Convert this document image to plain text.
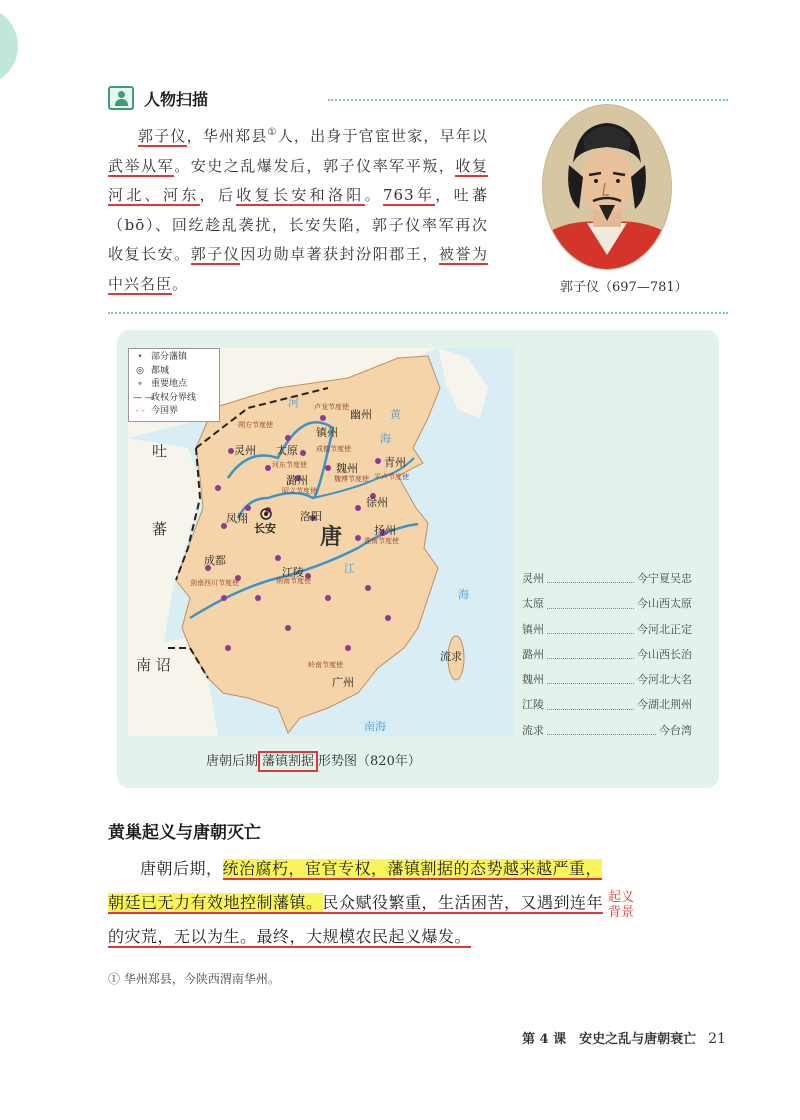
人物扫描

郭子仪，华州郑县①人，出身于官宦世家，早年以武举从军。安史之乱爆发后，郭子仪率军平叛，收复河北、河东，后收复长安和洛阳。763年，吐蕃（bō）、回纥趁乱袭扰，长安失陷，郭子仪率军再次收复长安。郭子仪因功勋卓著获封汾阳郡王，被誉为中兴名臣。	郭子仪（697—781）
• 部分藩镇
◎ 都城
∘ 重要地点
— —
政权分界线
- - 今国界
吐
蕃
南 诏
唐
灵州 太原
镇州
幽州
潞州
魏州 青州
徐州
凤翔
长安
洛阳
扬州
成都
江陵
广州
流求
河
黄
海
海
江
南海
朔方节度使
卢龙节度使
成德节度使
河东节度使
昭义节度使
魏博节度使 平卢节度使
淮南节度使
剑南西川节度使	荆南节度使
岭南节度使
唐朝后期 藩镇割据 形势图（820年）
灵州	今宁夏吴忠
太原	今山西太原
镇州	今河北正定
潞州	今山西长治
魏州	今河北大名
江陵	今湖北荆州
流求	今台湾
黄巢起义与唐朝灭亡

唐朝后期，统治腐朽，宦官专权，藩镇割据的态势越来越严重，朝廷已无力有效地控制藩镇。民众赋役繁重，生活困苦，又遇到连年的灾荒，无以为生。最终，大规模农民起义爆发。

起义背景
① 华州郑县，今陕西渭南华州。
第 4 课　安史之乱与唐朝衰亡 21
